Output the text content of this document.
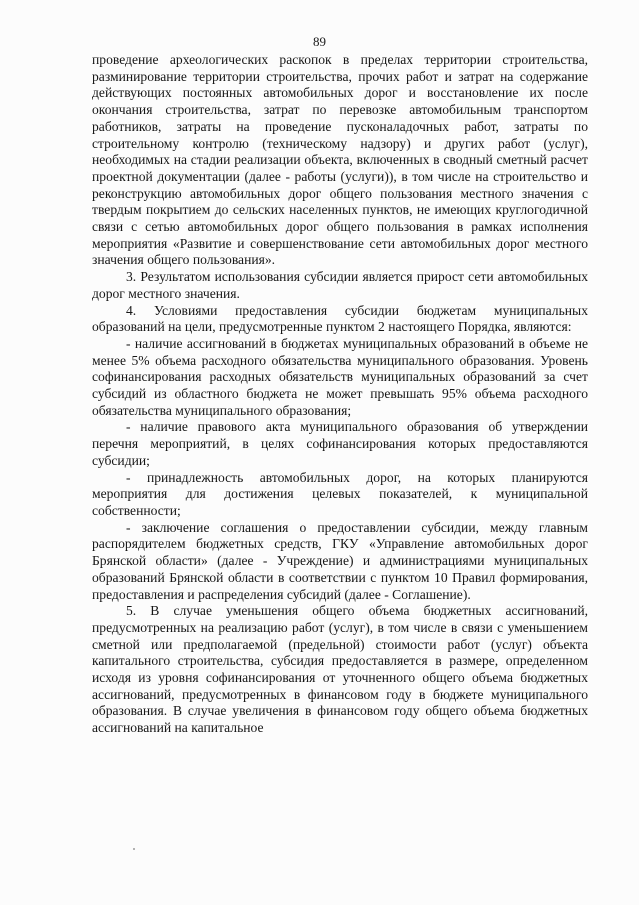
89

проведение археологических раскопок в пределах территории строительства, разминирование территории строительства, прочих работ и затрат на содержание действующих постоянных автомобильных дорог и восстановление их после окончания строительства, затрат по перевозке автомобильным транспортом работников, затраты на проведение пусконаладочных работ, затраты по строительному контролю (техническому надзору) и других работ (услуг), необходимых на стадии реализации объекта, включенных в сводный сметный расчет проектной документации (далее - работы (услуги)), в том числе на строительство и реконструкцию автомобильных дорог общего пользования местного значения с твердым покрытием до сельских населенных пунктов, не имеющих круглогодичной связи с сетью автомобильных дорог общего пользования в рамках исполнения мероприятия «Развитие и совершенствование сети автомобильных дорог местного значения общего пользования».

3. Результатом использования субсидии является прирост сети автомобильных дорог местного значения.

4. Условиями предоставления субсидии бюджетам муниципальных образований на цели, предусмотренные пунктом 2 настоящего Порядка, являются:

- наличие ассигнований в бюджетах муниципальных образований в объеме не менее 5% объема расходного обязательства муниципального образования. Уровень софинансирования расходных обязательств муниципальных образований за счет субсидий из областного бюджета не может превышать 95% объема расходного обязательства муниципального образования;

- наличие правового акта муниципального образования об утверждении перечня мероприятий, в целях софинансирования которых предоставляются субсидии;

- принадлежность автомобильных дорог, на которых планируются мероприятия для достижения целевых показателей, к муниципальной собственности;

- заключение соглашения о предоставлении субсидии, между главным распорядителем бюджетных средств, ГКУ «Управление автомобильных дорог Брянской области» (далее - Учреждение) и администрациями муниципальных образований Брянской области в соответствии с пунктом 10 Правил формирования, предоставления и распределения субсидий (далее - Соглашение).

5. В случае уменьшения общего объема бюджетных ассигнований, предусмотренных на реализацию работ (услуг), в том числе в связи с уменьшением сметной или предполагаемой (предельной) стоимости работ (услуг) объекта капитального строительства, субсидия предоставляется в размере, определенном исходя из уровня софинансирования от уточненного общего объема бюджетных ассигнований, предусмотренных в финансовом году в бюджете муниципального образования. В случае увеличения в финансовом году общего объема бюджетных ассигнований на капитальное
